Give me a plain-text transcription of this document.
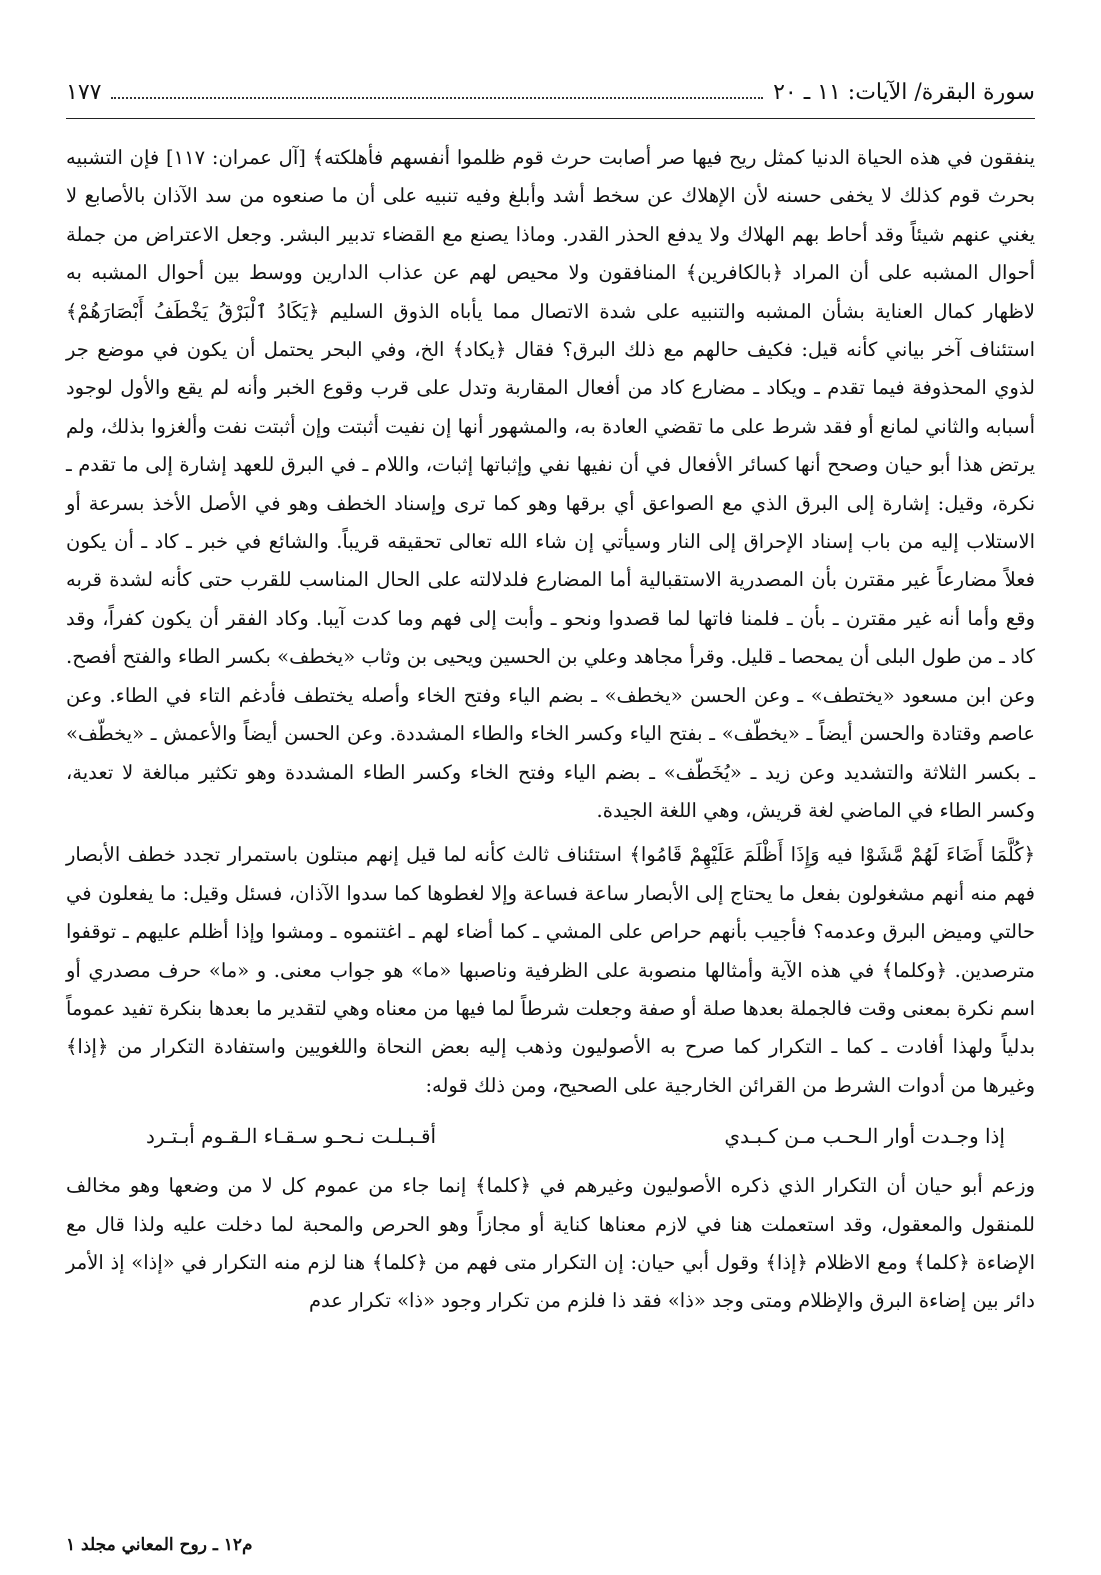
سورة البقرة/ الآيات: ١١ ـ ٢٠
١٧٧

ينفقون في هذه الحياة الدنيا كمثل ريح فيها صر أصابت حرث قوم ظلموا أنفسهم فأهلكته﴾ [آل عمران: ١١٧] فإن التشبيه بحرث قوم كذلك لا يخفى حسنه لأن الإهلاك عن سخط أشد وأبلغ وفيه تنبيه على أن ما صنعوه من سد الآذان بالأصابع لا يغني عنهم شيئاً وقد أحاط بهم الهلاك ولا يدفع الحذر القدر. وماذا يصنع مع القضاء تدبير البشر. وجعل الاعتراض من جملة أحوال المشبه على أن المراد ﴿بالكافرين﴾ المنافقون ولا محيص لهم عن عذاب الدارين ووسط بين أحوال المشبه به لاظهار كمال العناية بشأن المشبه والتنبيه على شدة الاتصال مما يأباه الذوق السليم ﴿يَكَادُ ٱلْبَرْقُ يَخْطَفُ أَبْصَارَهُمْ﴾ استئناف آخر بياني كأنه قيل: فكيف حالهم مع ذلك البرق؟ فقال ﴿يكاد﴾ الخ، وفي البحر يحتمل أن يكون في موضع جر لذوي المحذوفة فيما تقدم ـ ويكاد ـ مضارع كاد من أفعال المقاربة وتدل على قرب وقوع الخبر وأنه لم يقع والأول لوجود أسبابه والثاني لمانع أو فقد شرط على ما تقضي العادة به، والمشهور أنها إن نفيت أثبتت وإن أثبتت نفت وألغزوا بذلك، ولم يرتض هذا أبو حيان وصحح أنها كسائر الأفعال في أن نفيها نفي وإثباتها إثبات، واللام ـ في البرق للعهد إشارة إلى ما تقدم ـ نكرة، وقيل: إشارة إلى البرق الذي مع الصواعق أي برقها وهو كما ترى وإسناد الخطف وهو في الأصل الأخذ بسرعة أو الاستلاب إليه من باب إسناد الإحراق إلى النار وسيأتي إن شاء الله تعالى تحقيقه قريباً. والشائع في خبر ـ كاد ـ أن يكون فعلاً مضارعاً غير مقترن بأن المصدرية الاستقبالية أما المضارع فلدلالته على الحال المناسب للقرب حتى كأنه لشدة قربه وقع وأما أنه غير مقترن ـ بأن ـ فلمنا فاتها لما قصدوا ونحو ـ وأبت إلى فهم وما كدت آيبا. وكاد الفقر أن يكون كفراً، وقد كاد ـ من طول البلى أن يمحصا ـ قليل. وقرأ مجاهد وعلي بن الحسين ويحيى بن وثاب «يخطف» بكسر الطاء والفتح أفصح. وعن ابن مسعود «يختطف» ـ وعن الحسن «يخطف» ـ بضم الياء وفتح الخاء وأصله يختطف فأدغم التاء في الطاء. وعن عاصم وقتادة والحسن أيضاً ـ «يخطّف» ـ بفتح الياء وكسر الخاء والطاء المشددة. وعن الحسن أيضاً والأعمش ـ «يخطّف» ـ بكسر الثلاثة والتشديد وعن زيد ـ «يُخَطّف» ـ بضم الياء وفتح الخاء وكسر الطاء المشددة وهو تكثير مبالغة لا تعدية، وكسر الطاء في الماضي لغة قريش، وهي اللغة الجيدة.

﴿كُلَّمَا أَضَاءَ لَهُمْ مَّشَوْا فيه وَإِذَا أَظْلَمَ عَلَيْهِمْ قَامُوا﴾ استئناف ثالث كأنه لما قيل إنهم مبتلون باستمرار تجدد خطف الأبصار فهم منه أنهم مشغولون بفعل ما يحتاج إلى الأبصار ساعة فساعة وإلا لغطوها كما سدوا الآذان، فسئل وقيل: ما يفعلون في حالتي وميض البرق وعدمه؟ فأجيب بأنهم حراص على المشي ـ كما أضاء لهم ـ اغتنموه ـ ومشوا وإذا أظلم عليهم ـ توقفوا مترصدين. ﴿وكلما﴾ في هذه الآية وأمثالها منصوبة على الظرفية وناصبها «ما» هو جواب معنى. و «ما» حرف مصدري أو اسم نكرة بمعنى وقت فالجملة بعدها صلة أو صفة وجعلت شرطاً لما فيها من معناه وهي لتقدير ما بعدها بنكرة تفيد عموماً بدلياً ولهذا أفادت ـ كما ـ التكرار كما صرح به الأصوليون وذهب إليه بعض النحاة واللغويين واستفادة التكرار من ﴿إذا﴾ وغيرها من أدوات الشرط من القرائن الخارجية على الصحيح، ومن ذلك قوله:

إذا وجـدت أوار الـحـب مـن كـبـدي
أقـبـلـت نـحـو سـقـاء الـقـوم أبـتـرد

وزعم أبو حيان أن التكرار الذي ذكره الأصوليون وغيرهم في ﴿كلما﴾ إنما جاء من عموم كل لا من وضعها وهو مخالف للمنقول والمعقول، وقد استعملت هنا في لازم معناها كناية أو مجازاً وهو الحرص والمحبة لما دخلت عليه ولذا قال مع الإضاءة ﴿كلما﴾ ومع الاظلام ﴿إذا﴾ وقول أبي حيان: إن التكرار متى فهم من ﴿كلما﴾ هنا لزم منه التكرار في «إذا» إذ الأمر دائر بين إضاءة البرق والإظلام ومتى وجد «ذا» فقد ذا فلزم من تكرار وجود «ذا» تكرار عدم

م١٢ ـ روح المعاني مجلد ١
